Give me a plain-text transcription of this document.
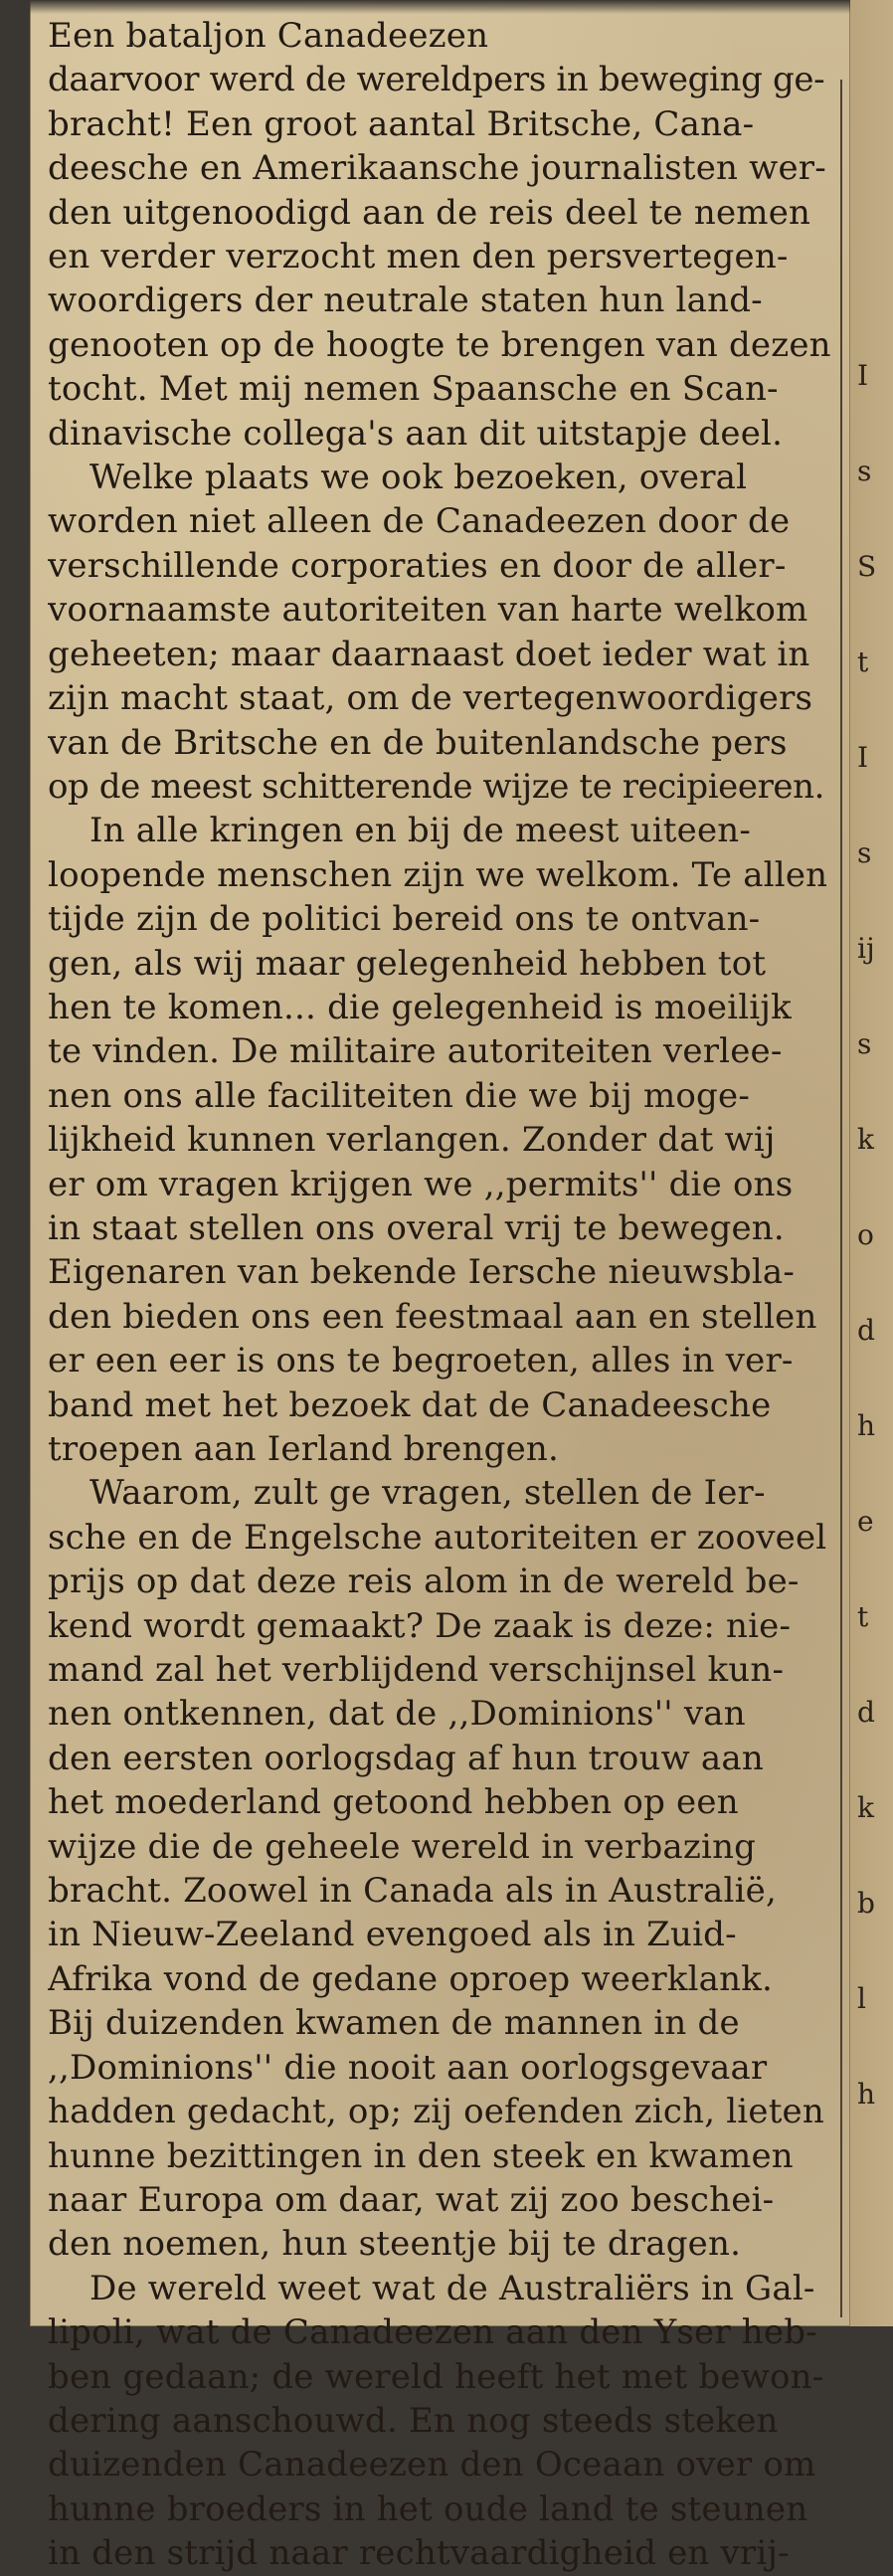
I
s
S
t
I
s
ij
s
k
o
d
h
e
t
d
k
b
l
h
Een bataljon Canadeezen
daarvoor werd de wereldpers in beweging ge-
bracht! Een groot aantal Britsche, Cana-
deesche en Amerikaansche journalisten wer-
den uitgenoodigd aan de reis deel te nemen
en verder verzocht men den persvertegen-
woordigers der neutrale staten hun land-
genooten op de hoogte te brengen van dezen
tocht. Met mij nemen Spaansche en Scan-
dinavische collega's aan dit uitstapje deel.
Welke plaats we ook bezoeken, overal
worden niet alleen de Canadeezen door de
verschillende corporaties en door de aller-
voornaamste autoriteiten van harte welkom
geheeten; maar daarnaast doet ieder wat in
zijn macht staat, om de vertegenwoordigers
van de Britsche en de buitenlandsche pers
op de meest schitterende wijze te recipieeren.
In alle kringen en bij de meest uiteen-
loopende menschen zijn we welkom. Te allen
tijde zijn de politici bereid ons te ontvan-
gen, als wij maar gelegenheid hebben tot
hen te komen... die gelegenheid is moeilijk
te vinden. De militaire autoriteiten verlee-
nen ons alle faciliteiten die we bij moge-
lijkheid kunnen verlangen. Zonder dat wij
er om vragen krijgen we ,,permits'' die ons
in staat stellen ons overal vrij te bewegen.
Eigenaren van bekende Iersche nieuwsbla-
den bieden ons een feestmaal aan en stellen
er een eer is ons te begroeten, alles in ver-
band met het bezoek dat de Canadeesche
troepen aan Ierland brengen.
Waarom, zult ge vragen, stellen de Ier-
sche en de Engelsche autoriteiten er zooveel
prijs op dat deze reis alom in de wereld be-
kend wordt gemaakt? De zaak is deze: nie-
mand zal het verblijdend verschijnsel kun-
nen ontkennen, dat de ,,Dominions'' van
den eersten oorlogsdag af hun trouw aan
het moederland getoond hebben op een
wijze die de geheele wereld in verbazing
bracht. Zoowel in Canada als in Australië,
in Nieuw-Zeeland evengoed als in Zuid-
Afrika vond de gedane oproep weerklank.
Bij duizenden kwamen de mannen in de
,,Dominions'' die nooit aan oorlogsgevaar
hadden gedacht, op; zij oefenden zich, lieten
hunne bezittingen in den steek en kwamen
naar Europa om daar, wat zij zoo beschei-
den noemen, hun steentje bij te dragen.
De wereld weet wat de Australiërs in Gal-
lipoli, wat de Canadeezen aan den Yser heb-
ben gedaan; de wereld heeft het met bewon-
dering aanschouwd. En nog steeds steken
duizenden Canadeezen den Oceaan over om
hunne broeders in het oude land te steunen
in den strijd naar rechtvaardigheid en vrij-
